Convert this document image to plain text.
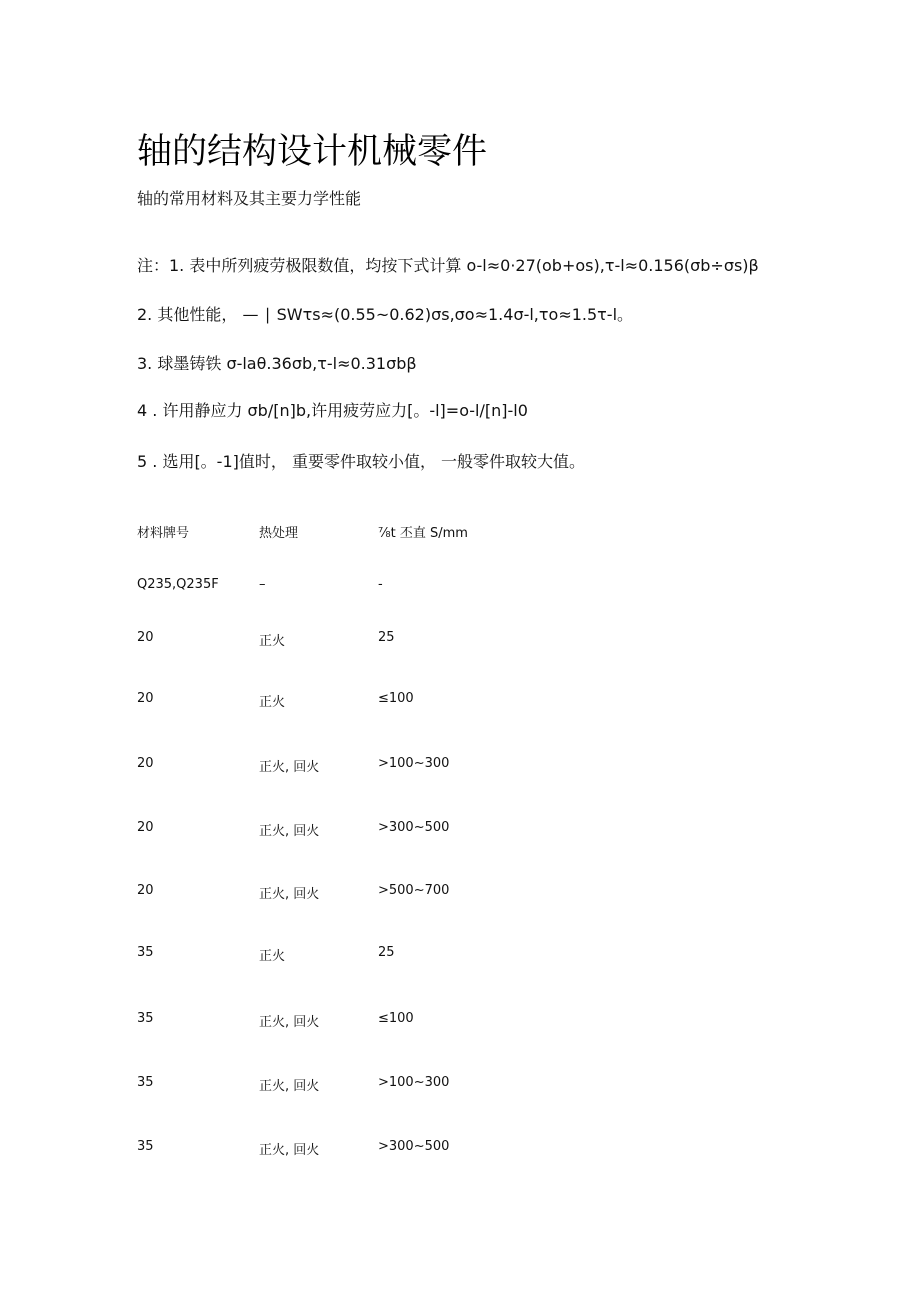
轴的结构设计机械零件
轴的常用材料及其主要力学性能
注：1. 表中所列疲劳极限数值，均按下式计算 o-l≈0·27(ob+os),τ-l≈0.156(σb÷σs)β
2. 其他性能， — ∣ SWτs≈(0.55~0.62)σs,σo≈1.4σ-l,τo≈1.5τ-l。
3. 球墨铸铁 σ-laθ.36σb,τ-l≈0.31σbβ
4 . 许用静应力 σb/[n]b,许用疲劳应力[。-l]=o-l∕[n]-l0
5 . 选用[。-1]值时， 重要零件取较小值， 一般零件取较大值。
材料牌号	热处理	⅞t 丕直 S/mm
Q235,Q235F	–	-
20	正火	25
20	正火	≤100
20	正火, 回火	>100~300
20	正火, 回火	>300~500
20	正火, 回火	>500~700
35	正火	25
35	正火, 回火	≤100
35	正火, 回火	>100~300
35	正火, 回火	>300~500
